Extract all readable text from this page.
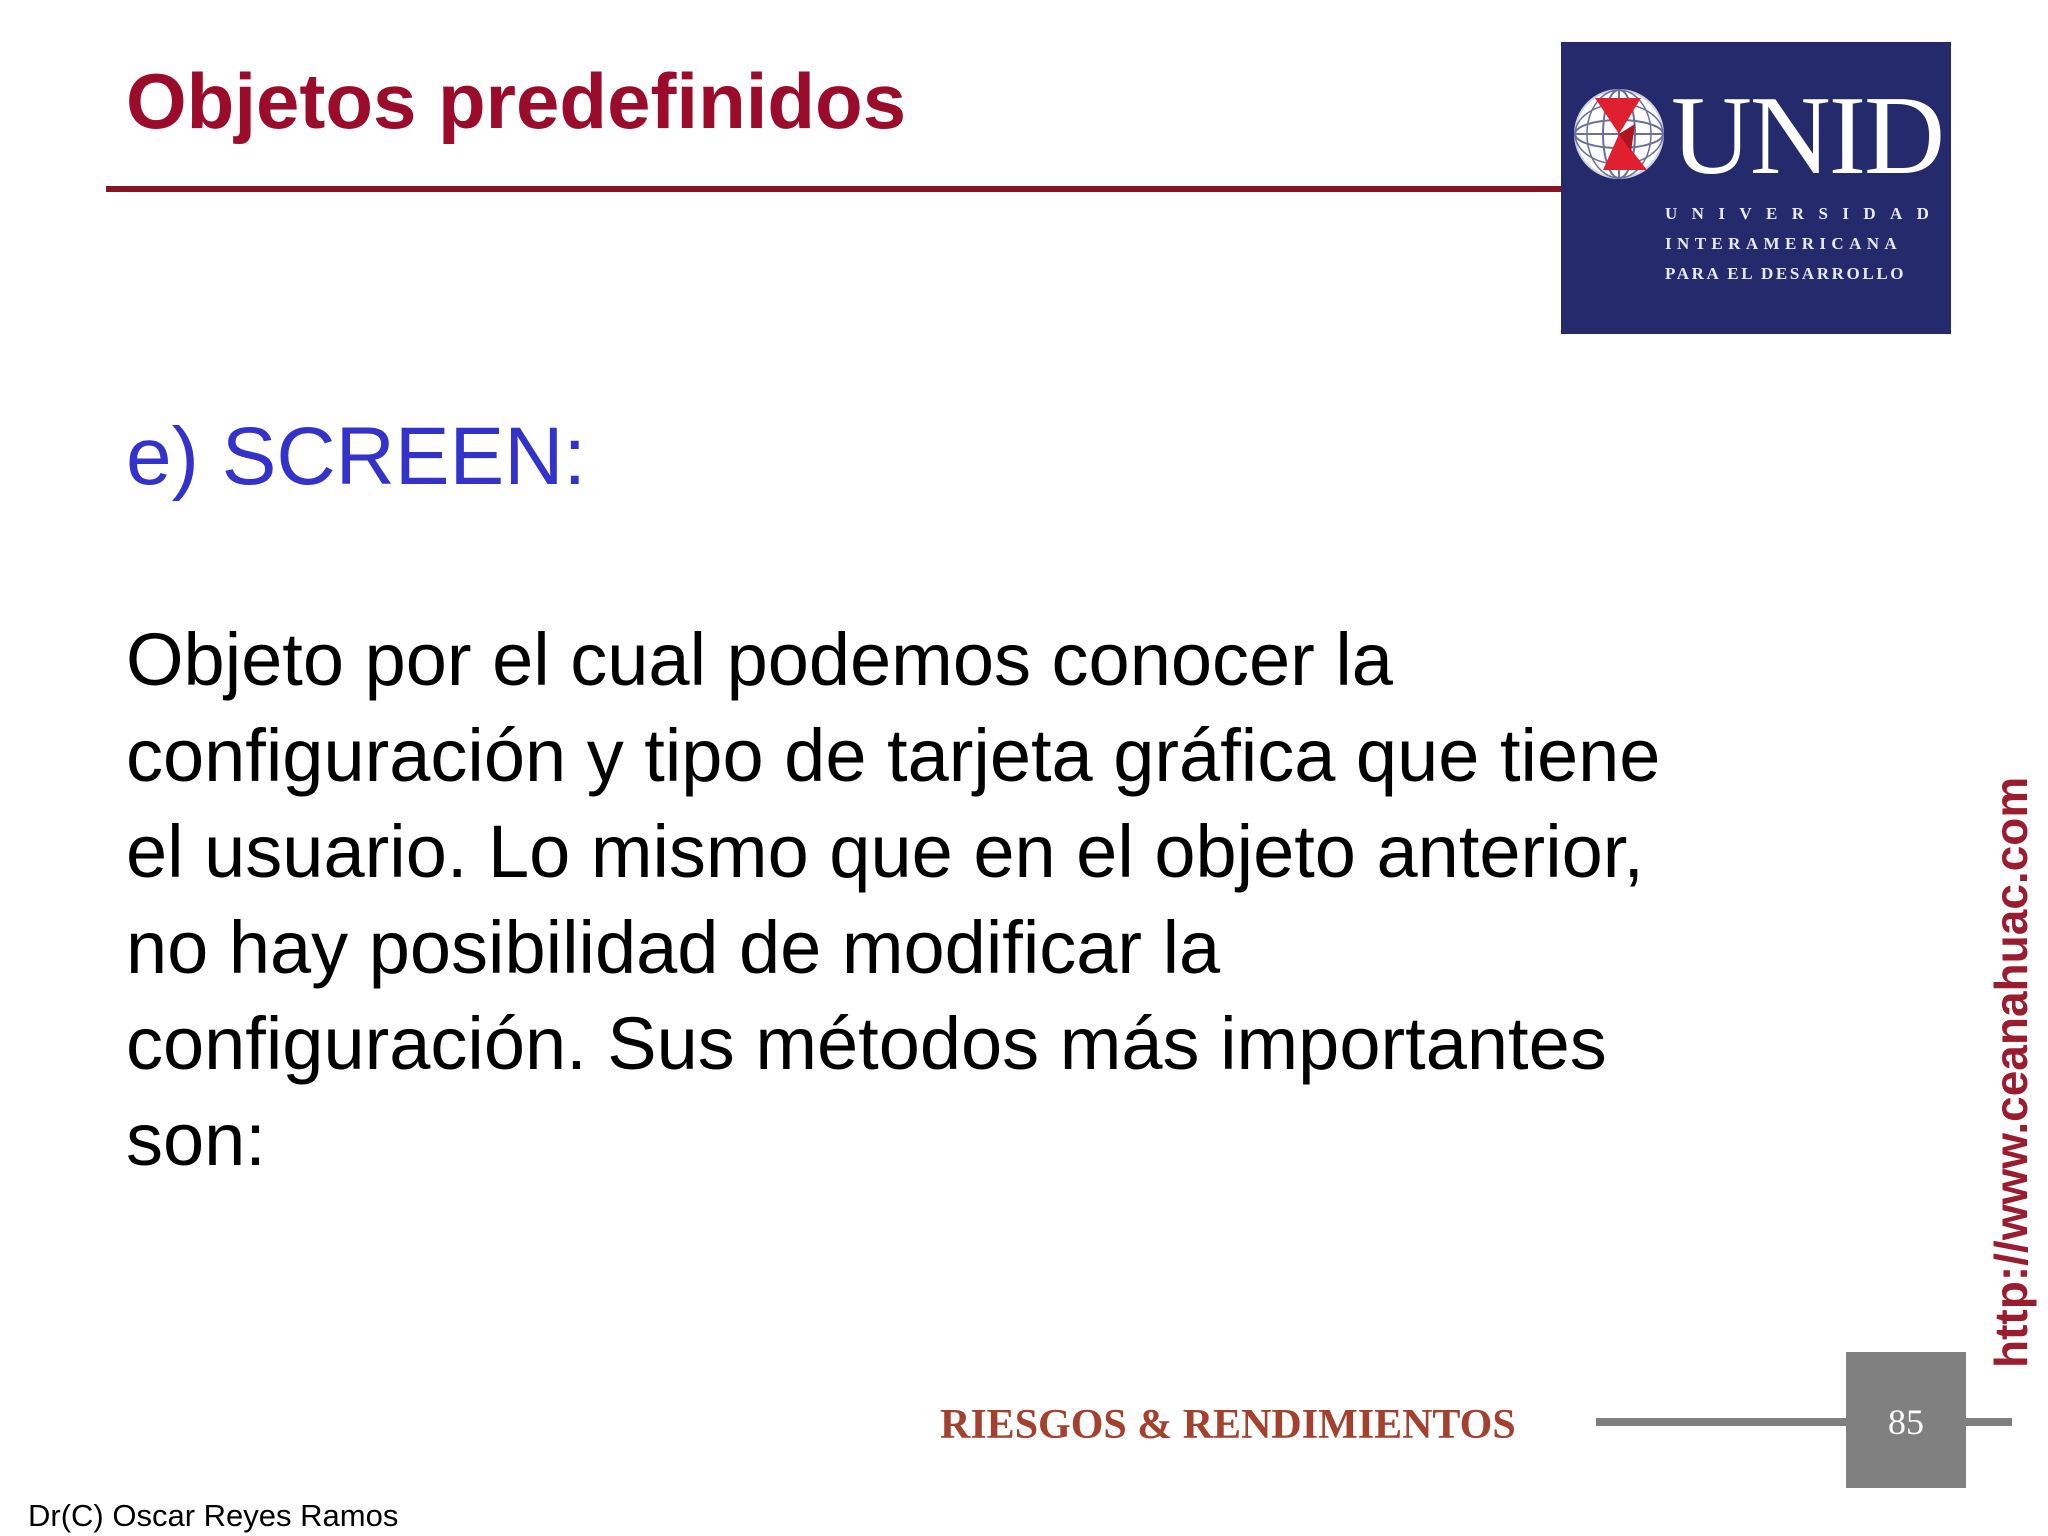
Objetos predefinidos	UNID
UNIVERSIDAD
INTERAMERICANA
PARA EL DESARROLLO
e) SCREEN:

Objeto por el cual podemos conocer la
configuración y tipo de tarjeta gráfica que tiene
el usuario. Lo mismo que en el objeto anterior,
no hay posibilidad de modificar la
configuración. Sus métodos más importantes
son:	http://www.ceanahuac.com
RIESGOS & RENDIMIENTOS	85
Dr(C) Oscar Reyes Ramos
